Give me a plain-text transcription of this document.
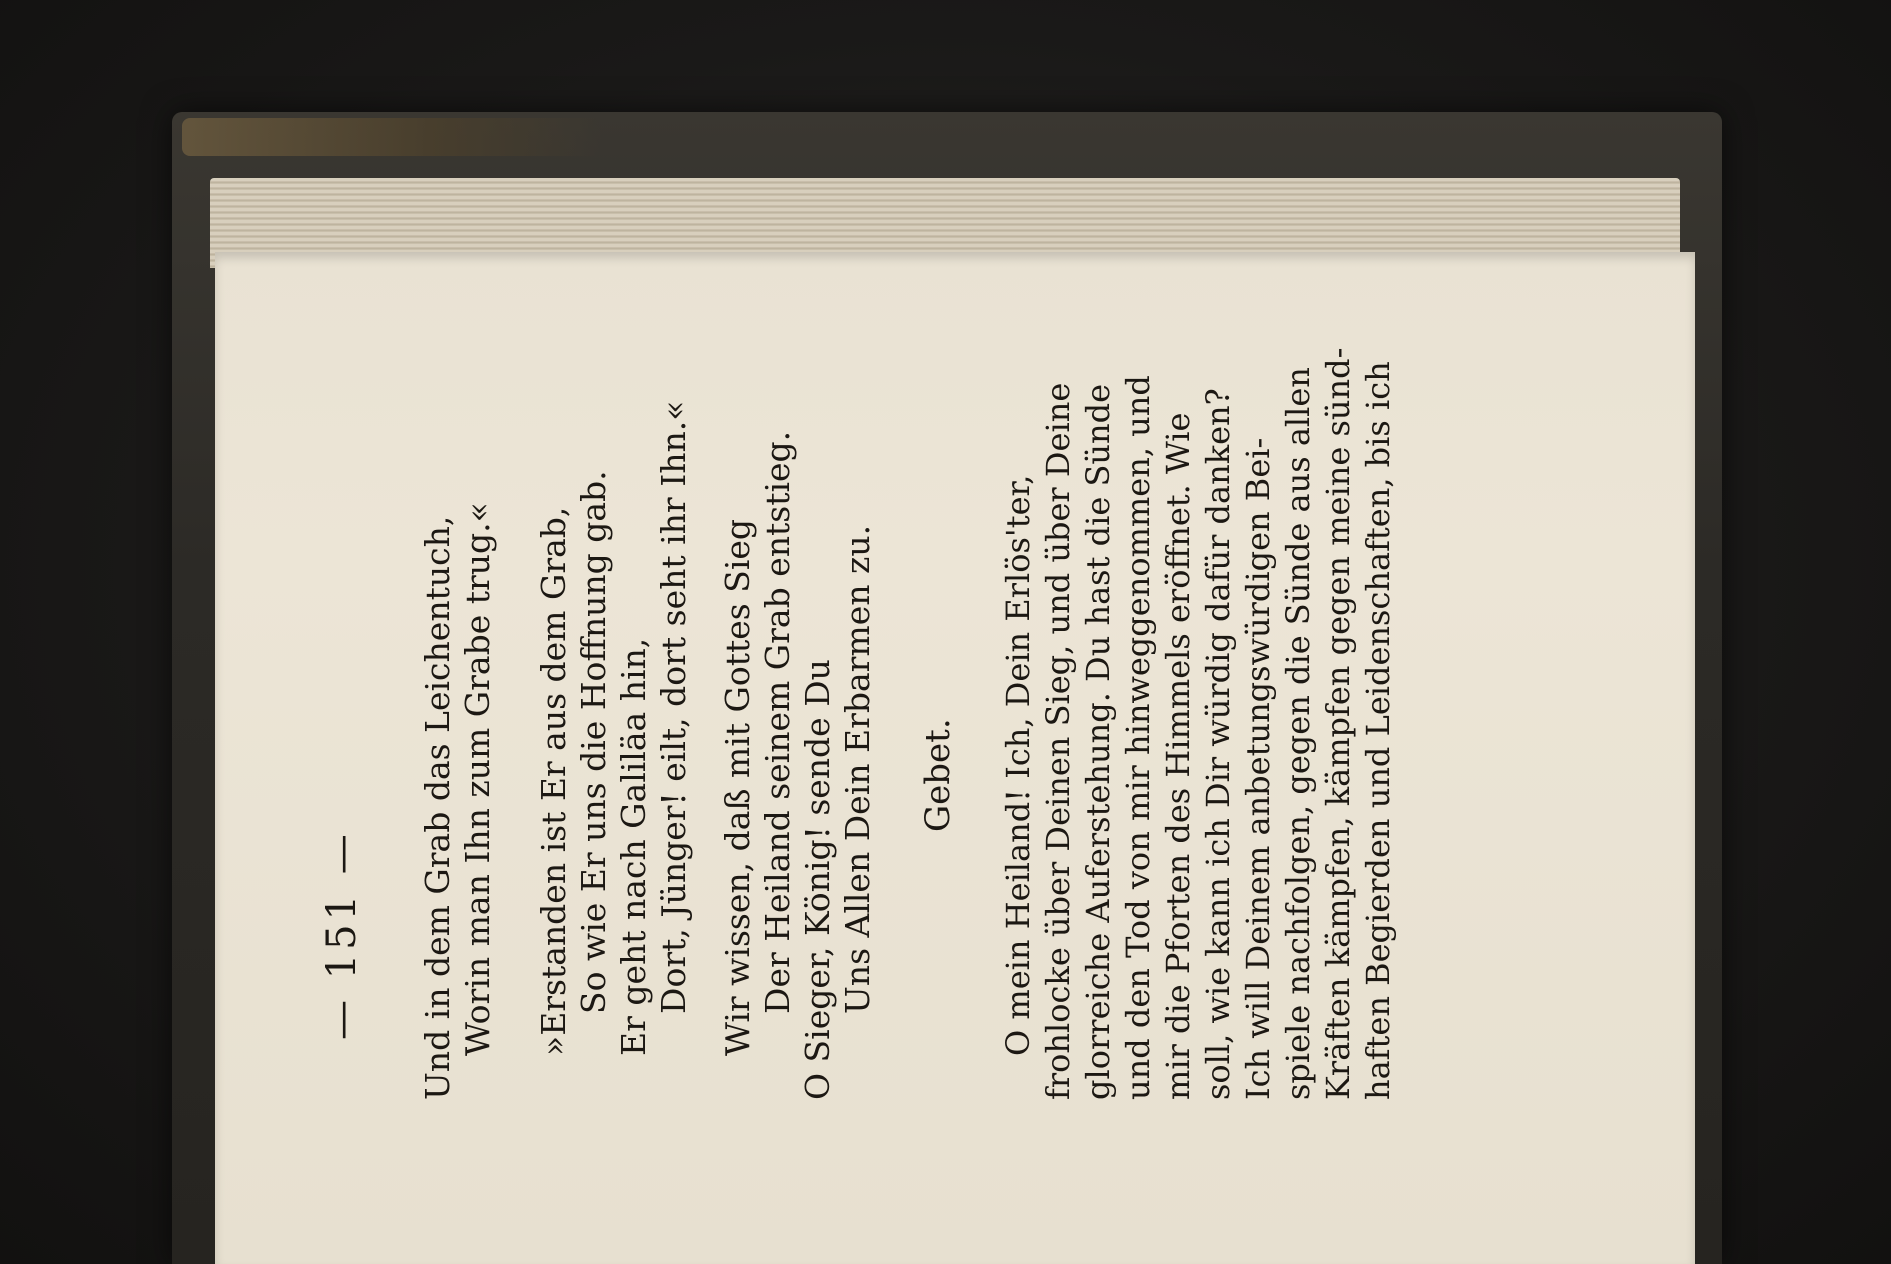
— 151 — Und in dem Grab das Leichentuch, Worin man Ihn zum Grabe trug.« »Erstanden ist Er aus dem Grab, So wie Er uns die Hoffnung gab. Er geht nach Galiläa hin, Dort, Jünger! eilt, dort seht ihr Ihn.« Wir wissen, daß mit Gottes Sieg Der Heiland seinem Grab entstieg. O Sieger, König! sende Du Uns Allen Dein Erbarmen zu. Gebet. O mein Heiland! Ich, Dein Erlös'ter, frohlocke über Deinen Sieg, und über Deine glorreiche Auferstehung. Du hast die Sünde und den Tod von mir hinweggenommen, und mir die Pforten des Himmels eröffnet. Wie soll, wie kann ich Dir würdig dafür danken? Ich will Deinem anbetungswürdigen Bei- spiele nachfolgen, gegen die Sünde aus allen Kräften kämpfen, kämpfen gegen meine sünd- haften Begierden und Leidenschaften, bis ich
